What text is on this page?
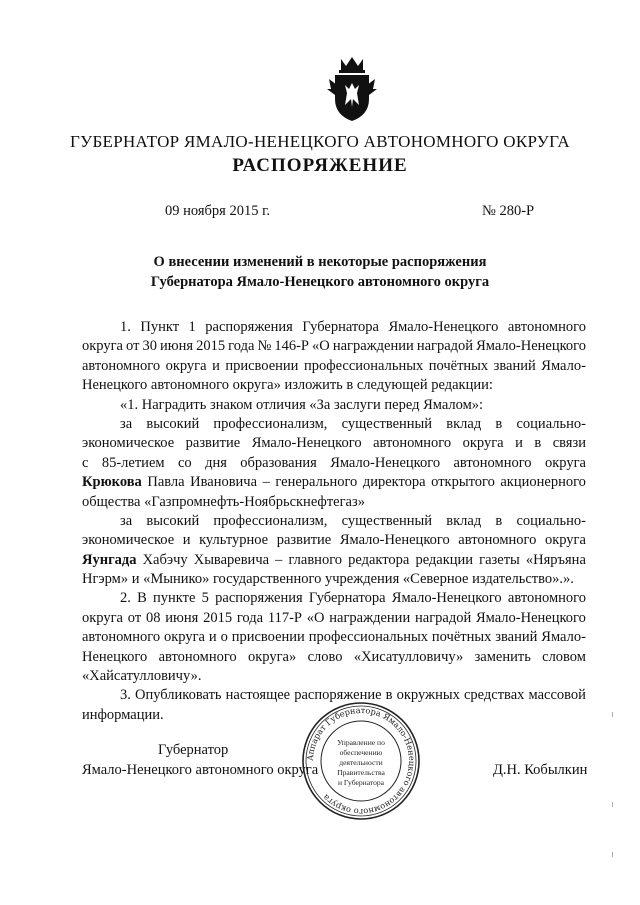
ГУБЕРНАТОР ЯМАЛО-НЕНЕЦКОГО АВТОНОМНОГО ОКРУГА
РАСПОРЯЖЕНИЕ
09 ноября 2015 г.	№ 280-Р
О внесении изменений в некоторые распоряжения
Губернатора Ямало-Ненецкого автономного округа
1. Пункт 1 распоряжения Губернатора Ямало-Ненецкого автономного
округа от 30 июня 2015 года № 146-Р «О награждении наградой Ямало-Ненецкого
автономного округа и присвоении профессиональных почётных званий Ямало-
Ненецкого автономного округа» изложить в следующей редакции:
«1. Наградить знаком отличия «За заслуги перед Ямалом»:
за высокий профессионализм, существенный вклад в социально-
экономическое развитие Ямало-Ненецкого автономного округа и в связи
с 85-летием со дня образования Ямало-Ненецкого автономного округа
Крюкова Павла Ивановича – генерального директора открытого акционерного
общества «Газпромнефть-Ноябрьскнефтегаз»
за высокий профессионализм, существенный вклад в социально-
экономическое и культурное развитие Ямало-Ненецкого автономного округа
Яунгада Хабэчу Хываревича – главного редактора редакции газеты «Няръяна
Нгэрм» и «Мынико» государственного учреждения «Северное издательство».».
2. В пункте 5 распоряжения Губернатора Ямало-Ненецкого автономного
округа от 08 июня 2015 года 117-Р «О награждении наградой Ямало-Ненецкого
автономного округа и о присвоении профессиональных почётных званий Ямало-
Ненецкого автономного округа» слово «Хисатулловичу» заменить словом
«Хайсатулловичу».
3. Опубликовать настоящее распоряжение в окружных средствах массовой
информации.
Губернатор
Ямало-Ненецкого автономного округа	Д.Н. Кобылкин
Аппарат Губернатора Ямало-Ненецкого автономного округа
Управление по
обеспечению
деятельности
Правительства
и Губернатора
